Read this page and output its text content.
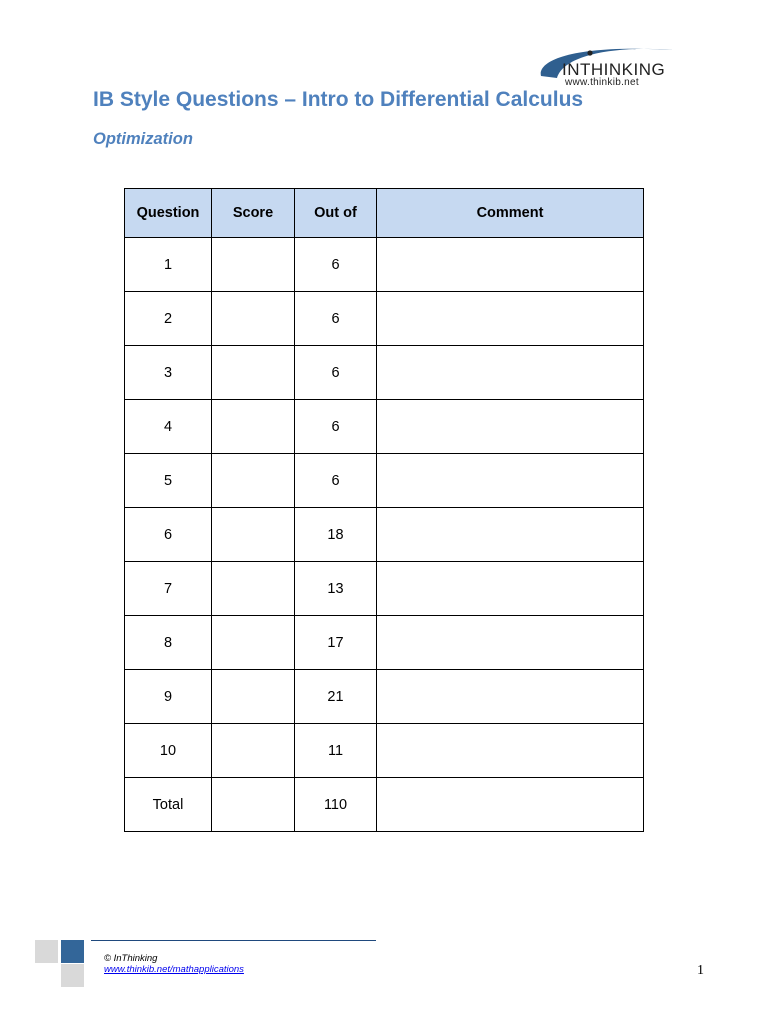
INTHINKING
www.thinkib.net
IB Style Questions – Intro to Differential Calculus
Optimization
Question	Score	Out of	Comment
1		6	
2		6	
3		6	
4		6	
5		6	
6		18	
7		13	
8		17	
9		21	
10		11	
Total		110	
© InThinking
www.thinkib.net/mathapplications	1
